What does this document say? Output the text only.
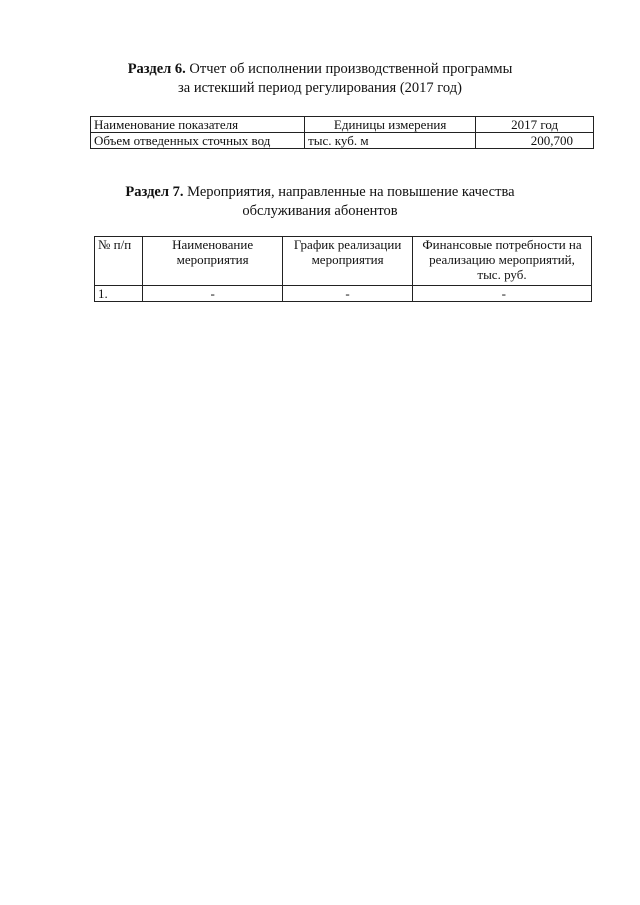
Раздел 6. Отчет об исполнении производственной программы
за истекший период регулирования (2017 год)
Наименование показателя	Единицы измерения	2017 год
Объем отведенных сточных вод	тыс. куб. м	200,700
Раздел 7. Мероприятия, направленные на повышение качества
обслуживания абонентов
№ п/п	Наименование мероприятия	График реализации мероприятия	Финансовые потребности на реализацию мероприятий, тыс. руб.
1.	-	-	-
